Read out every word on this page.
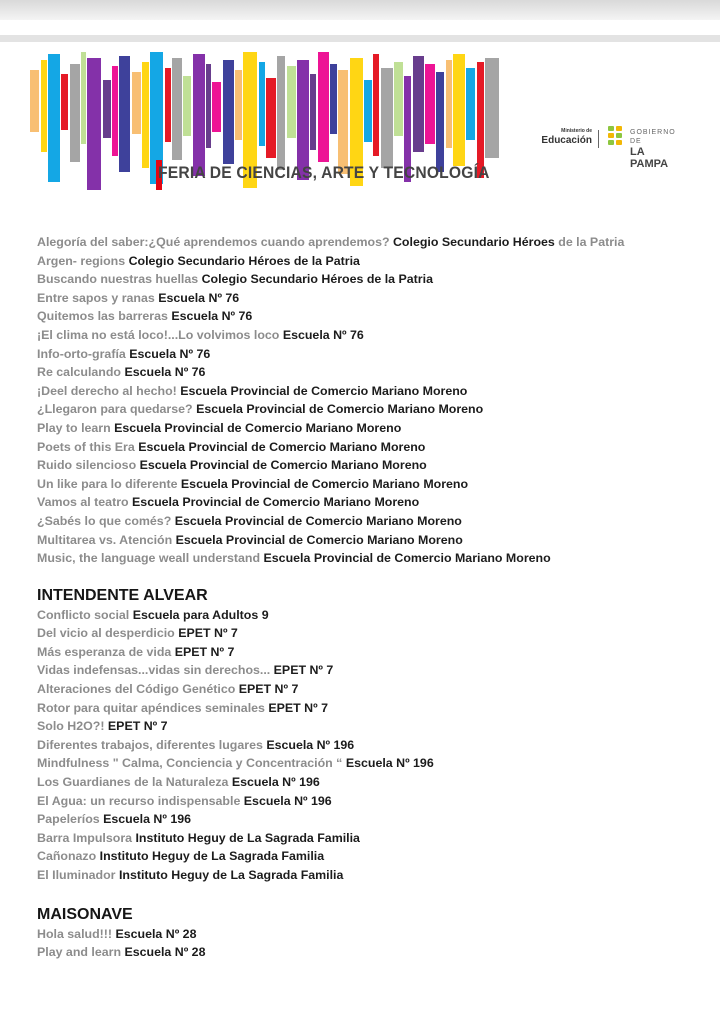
FERIA DE CIENCIAS, ARTE Y TECNOLOGÍA
Ministerio de
Educación
GOBIERNO DE
LA PAMPA
Alegoría del saber:¿Qué aprendemos cuando aprendemos? Colegio Secundario Héroes de la Patria
Argen- regions Colegio Secundario Héroes de la Patria
Buscando nuestras huellas Colegio Secundario Héroes de la Patria
Entre sapos y ranas Escuela Nº 76
Quitemos las barreras Escuela Nº 76
¡El clima no está loco!...Lo volvimos loco Escuela Nº 76
Info-orto-grafía Escuela Nº 76
Re calculando Escuela Nº 76
¡Deel derecho al hecho! Escuela Provincial de Comercio Mariano Moreno
¿Llegaron para quedarse? Escuela Provincial de Comercio Mariano Moreno
Play to learn Escuela Provincial de Comercio Mariano Moreno
Poets of this Era Escuela Provincial de Comercio Mariano Moreno
Ruido silencioso Escuela Provincial de Comercio Mariano Moreno
Un like para lo diferente Escuela Provincial de Comercio Mariano Moreno
Vamos al teatro Escuela Provincial de Comercio Mariano Moreno
¿Sabés lo que comés? Escuela Provincial de Comercio Mariano Moreno
Multitarea vs. Atención Escuela Provincial de Comercio Mariano Moreno
Music, the language weall understand Escuela Provincial de Comercio Mariano Moreno
INTENDENTE ALVEAR
Conflicto social Escuela para Adultos 9
Del vicio al desperdicio EPET Nº 7
Más esperanza de vida EPET Nº 7
Vidas indefensas...vidas sin derechos... EPET Nº 7
Alteraciones del Código Genético EPET Nº 7
Rotor para quitar apéndices seminales EPET Nº 7
Solo H2O?! EPET Nº 7
Diferentes trabajos, diferentes lugares Escuela Nº 196
Mindfulness " Calma, Conciencia y Concentración “ Escuela Nº 196
Los Guardianes de la Naturaleza Escuela Nº 196
El Agua: un recurso indispensable Escuela Nº 196
Papeleríos Escuela Nº 196
Barra Impulsora Instituto Heguy de La Sagrada Familia
Cañonazo Instituto Heguy de La Sagrada Familia
El Iluminador Instituto Heguy de La Sagrada Familia
MAISONAVE
Hola salud!!! Escuela Nº 28
Play and learn Escuela Nº 28
